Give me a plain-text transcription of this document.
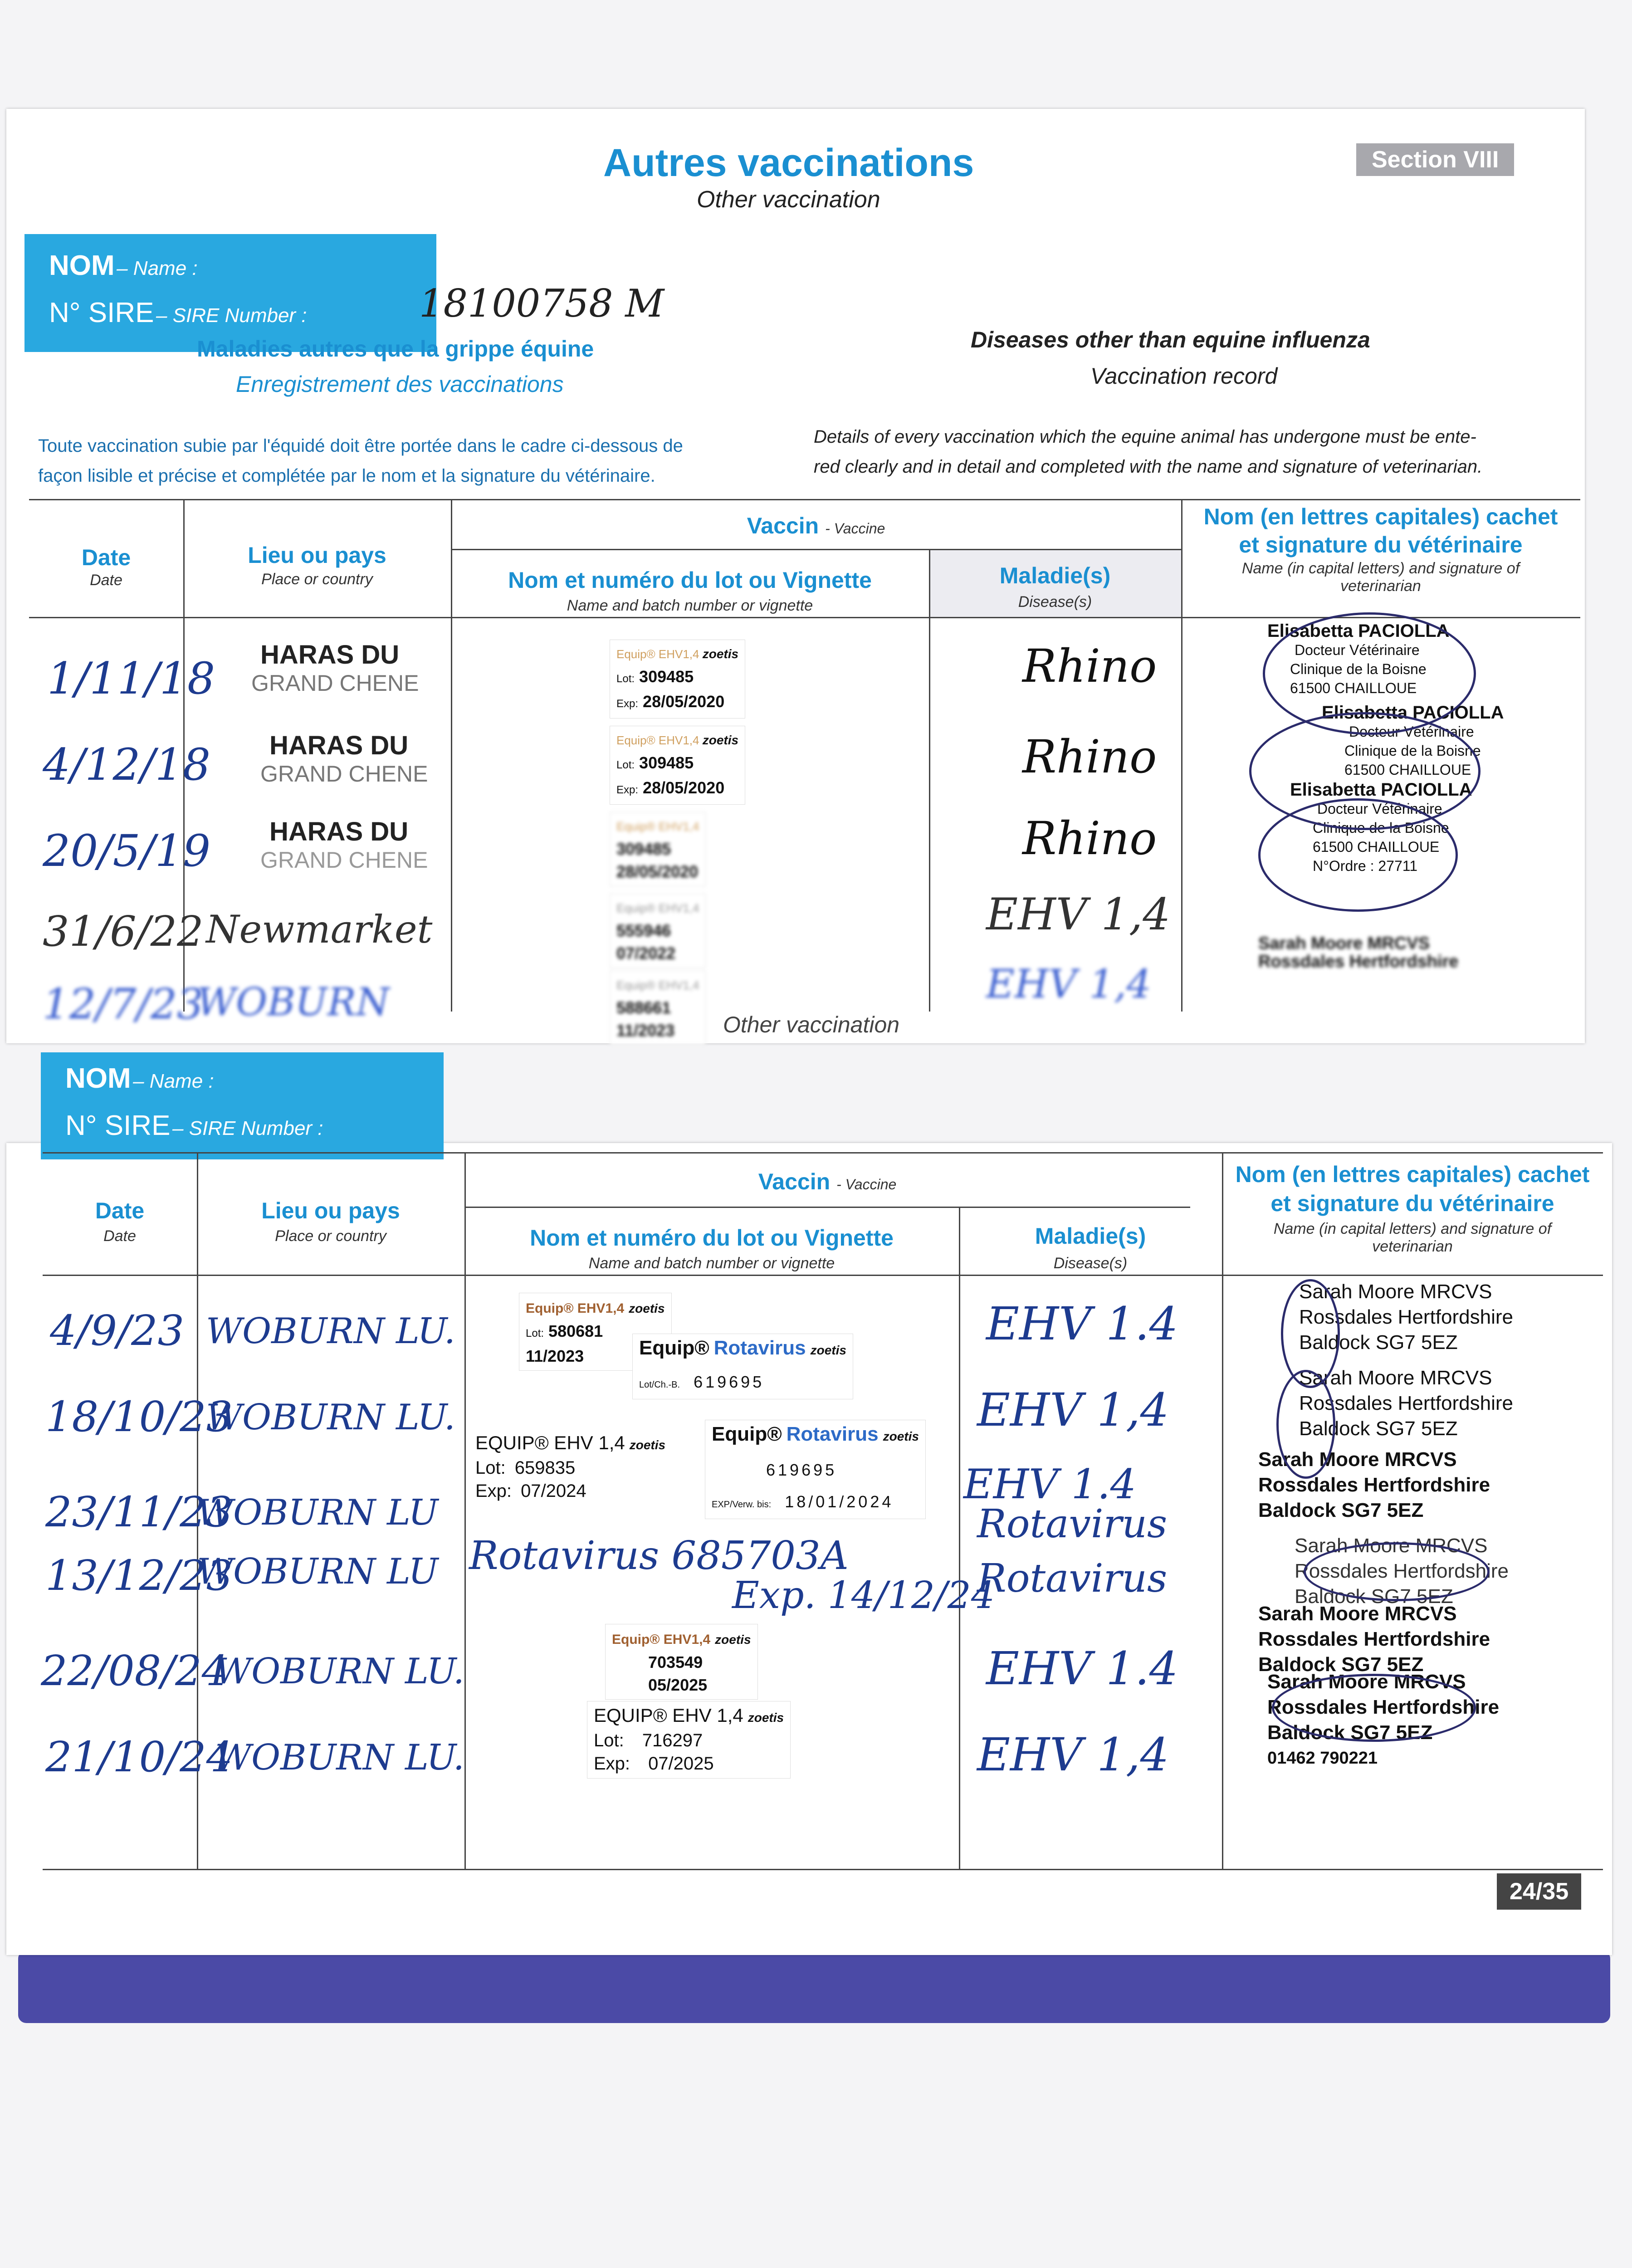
Autres vaccinations
Other vaccination
Section VIII
NOM – Name :
N° SIRE – SIRE Number :	18100758 M
Maladies autres que la grippe équine
Enregistrement des vaccinations
Diseases other than equine influenza
Vaccination record
Toute vaccination subie par l'équidé doit être portée dans le cadre ci-dessous de
façon lisible et précise et complétée par le nom et la signature du vétérinaire.
Details of every vaccination which the equine animal has undergone must be ente-
red clearly and in detail and completed with the name and signature of veterinarian.
Date
Date
Lieu ou pays
Place or country
Vaccin - Vaccine
Nom et numéro du lot ou Vignette
Name and batch number or vignette
Maladie(s)
Disease(s)
Nom (en lettres capitales) cachet
et signature du vétérinaire
Name (in capital letters) and signature of veterinarian
1/11/18
4/12/18
20/5/19
31/6/22
12/7/23
HARAS DU
GRAND CHENE
HARAS DU
GRAND CHENE
HARAS DU
GRAND CHENE
Newmarket
WOBURN
Equip® EHV1,4 zoetis
Lot: 309485
Exp: 28/05/2020
Equip® EHV1,4 zoetis
Lot: 309485
Exp: 28/05/2020
Equip® EHV1,4
309485
28/05/2020
Equip® EHV1,4
555946
07/2022
Equip® EHV1,4
588661
11/2023
Rhino
Rhino
Rhino
EHV 1,4
EHV 1,4
Elisabetta PACIOLLA
Docteur Vétérinaire
Clinique de la Boisne
61500 CHAILLOUE
Elisabetta PACIOLLA
Docteur Vétérinaire
Clinique de la Boisne
61500 CHAILLOUE
Elisabetta PACIOLLA
Docteur Vétérinaire
Clinique de la Boisne
61500 CHAILLOUE
N°Ordre : 27711
Sarah Moore MRCVS
Rossdales Hertfordshire
Other vaccination
NOM – Name :
N° SIRE – SIRE Number :
Date
Date
Lieu ou pays
Place or country
Vaccin - Vaccine
Nom et numéro du lot ou Vignette
Name and batch number or vignette
Maladie(s)
Disease(s)
Nom (en lettres capitales) cachet
et signature du vétérinaire
Name (in capital letters) and signature of veterinarian
4/9/23
18/10/23
23/11/23
13/12/23
22/08/24
21/10/24
WOBURN LU.
WOBURN LU.
WOBURN LU
WOBURN LU
WOBURN LU.
WOBURN LU.
Equip® EHV1,4 zoetis
Lot: 580681
11/2023	Equip® Rotavirus zoetis
Lot/Ch.-B. 619695
Equip® Rotavirus zoetis
619695
EXP/Verw. bis: 18/01/2024
EQUIP® EHV 1,4 zoetis
Lot: 659835
Exp: 07/2024
Rotavirus 685703A
Exp. 14/12/24
Equip® EHV1,4 zoetis
703549
05/2025
EQUIP® EHV 1,4 zoetis
Lot: 716297
Exp: 07/2025
EHV 1.4
EHV 1,4
EHV 1.4
Rotavirus
Rotavirus
EHV 1.4
EHV 1,4
Sarah Moore MRCVS
Rossdales Hertfordshire
Baldock SG7 5EZ
Sarah Moore MRCVS
Rossdales Hertfordshire
Baldock SG7 5EZ
Sarah Moore MRCVS
Rossdales Hertfordshire
Baldock SG7 5EZ
Sarah Moore MRCVS
Rossdales Hertfordshire
Baldock SG7 5EZ
Sarah Moore MRCVS
Rossdales Hertfordshire
Baldock SG7 5EZ
Sarah Moore MRCVS
Rossdales Hertfordshire
Baldock SG7 5EZ
01462 790221
24/35
